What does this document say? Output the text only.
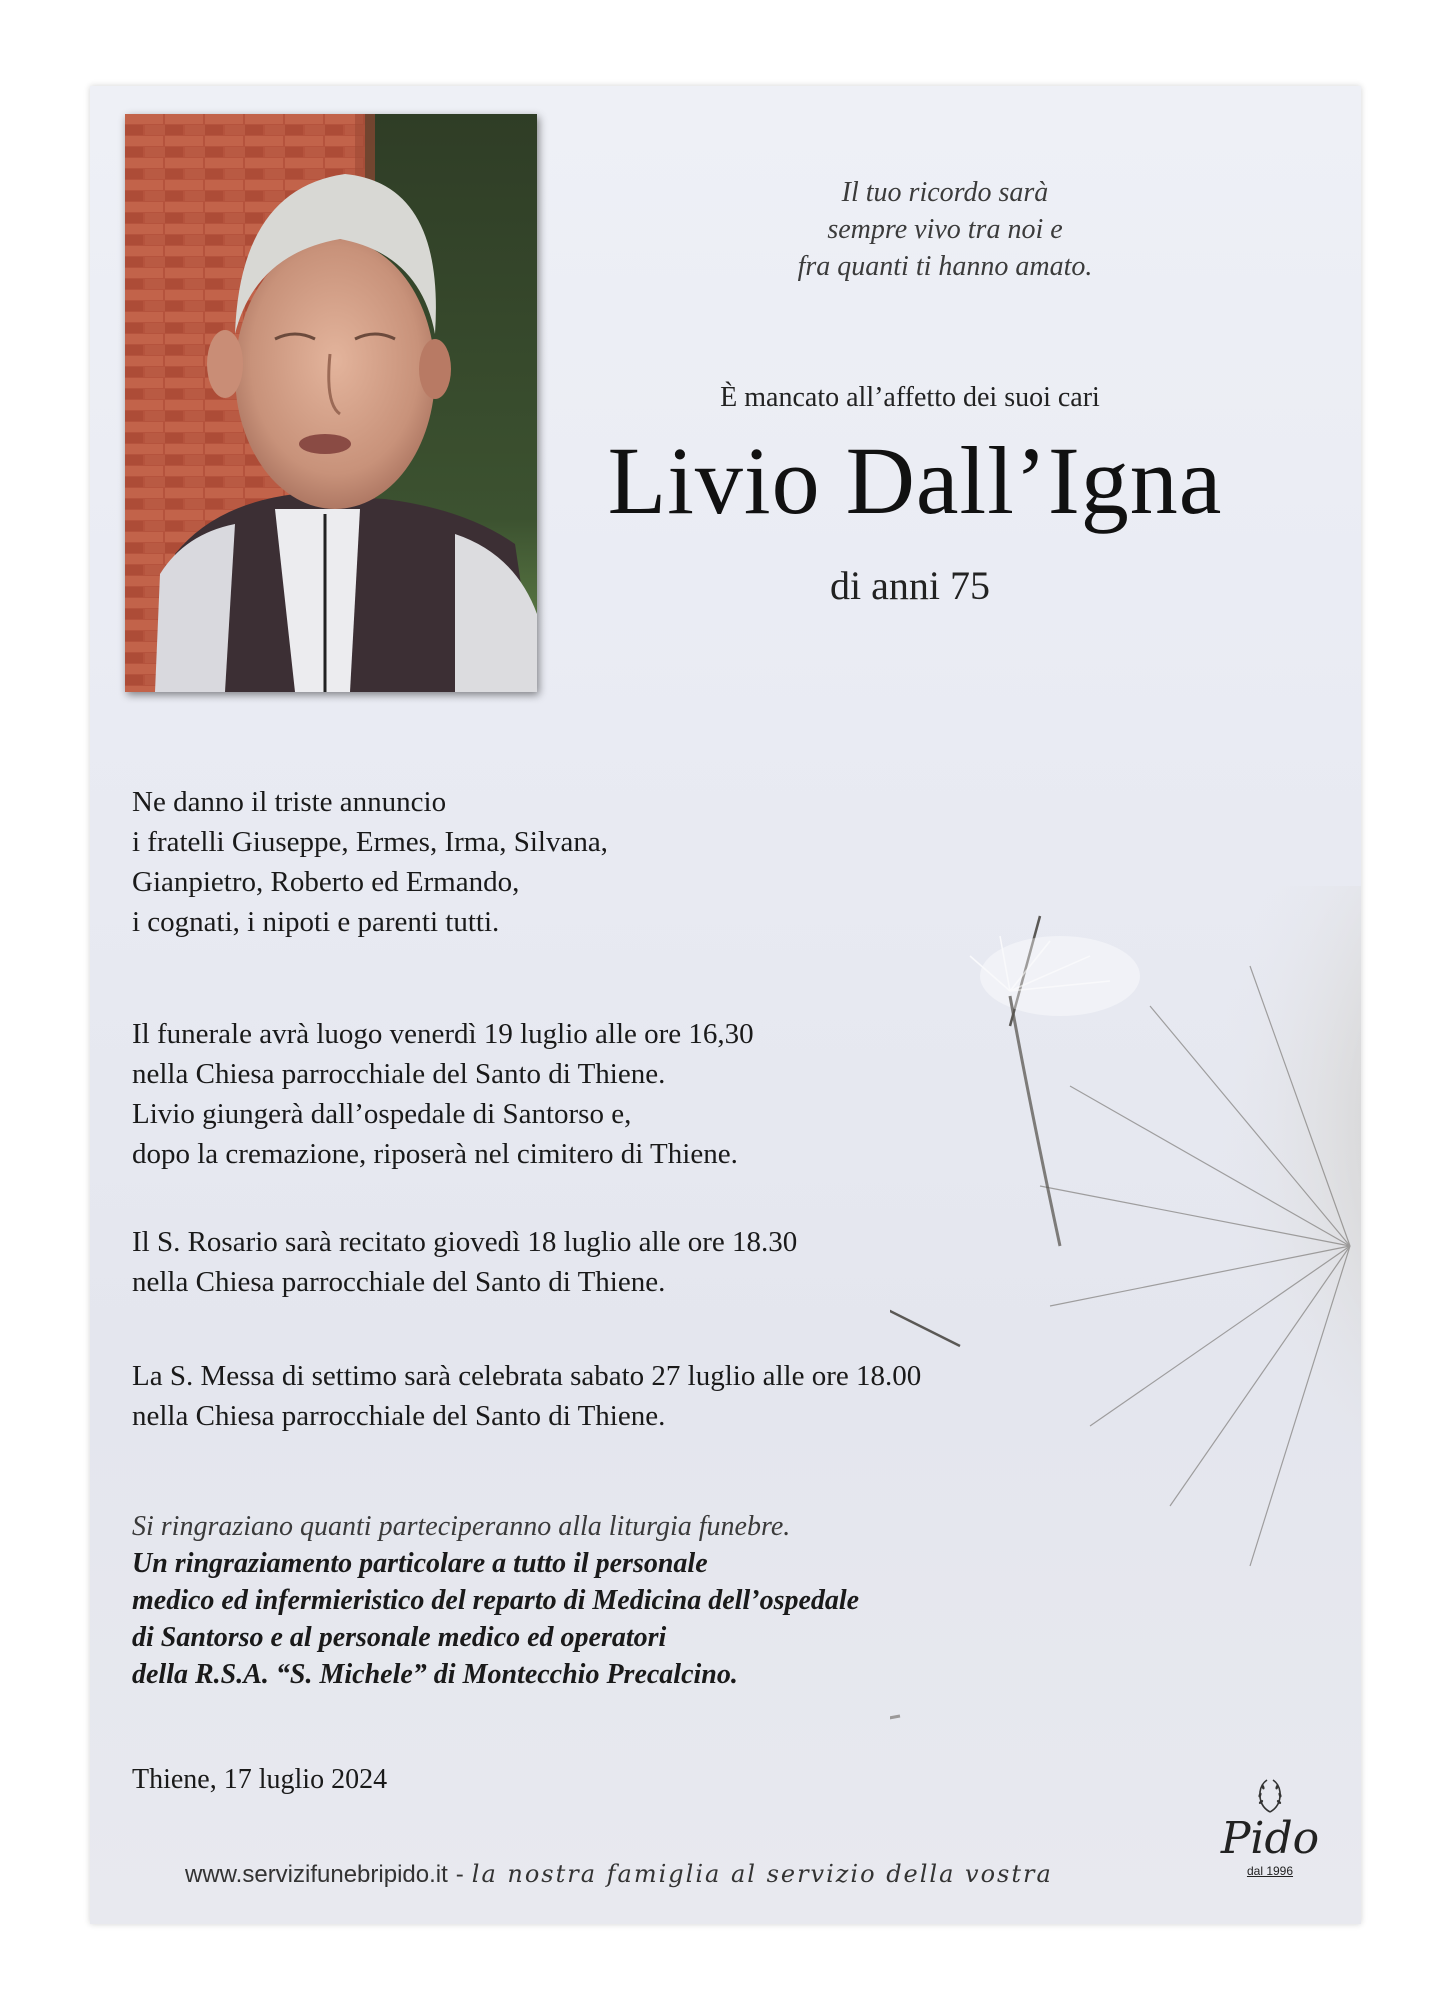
Il tuo ricordo sarà
sempre vivo tra noi e
fra quanti ti hanno amato.
È mancato all’affetto dei suoi cari
Livio Dall’Igna
di anni 75

Ne danno il triste annuncio

i fratelli Giuseppe, Ermes, Irma, Silvana,

Gianpietro, Roberto ed Ermando,

i cognati, i nipoti e parenti tutti.

Il funerale avrà luogo venerdì 19 luglio alle ore 16,30

nella Chiesa parrocchiale del Santo di Thiene.

Livio giungerà dall’ospedale di Santorso e,

dopo la cremazione, riposerà nel cimitero di Thiene.

Il S. Rosario sarà recitato giovedì 18 luglio alle ore 18.30

nella Chiesa parrocchiale del Santo di Thiene.

La S. Messa di settimo sarà celebrata sabato 27 luglio alle ore 18.00

nella Chiesa parrocchiale del Santo di Thiene.

Si ringraziano quanti parteciperanno alla liturgia funebre.

Un ringraziamento particolare a tutto il personale

medico ed infermieristico del reparto di Medicina dell’ospedale

di Santorso e al personale medico ed operatori

della R.S.A. “S. Michele” di Montecchio Precalcino.

Thiene, 17 luglio 2024
www.servizifunebripido.it - la nostra famiglia al servizio della vostra
Pido
dal 1996
